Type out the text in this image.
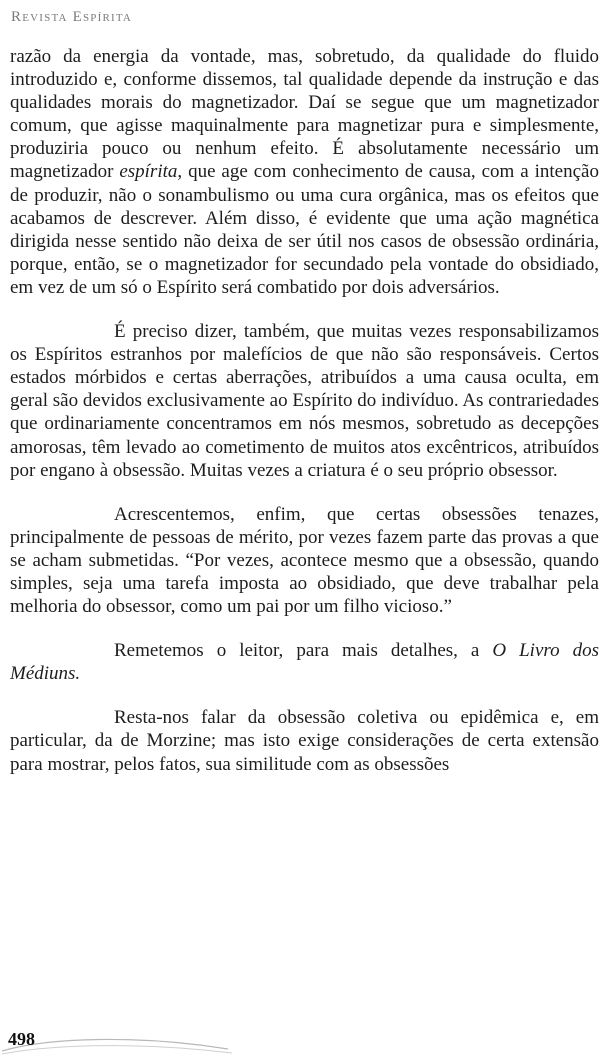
Revista Espírita

razão da energia da vontade, mas, sobretudo, da qualidade do fluido introduzido e, conforme dissemos, tal qualidade depende da instrução e das qualidades morais do magnetizador. Daí se segue que um magnetizador comum, que agisse maquinalmente para magnetizar pura e simplesmente, produziria pouco ou nenhum efeito. É absolutamente necessário um magnetizador espírita, que age com conhecimento de causa, com a intenção de produzir, não o sonambulismo ou uma cura orgânica, mas os efeitos que acabamos de descrever. Além disso, é evidente que uma ação magnética dirigida nesse sentido não deixa de ser útil nos casos de obsessão ordinária, porque, então, se o magnetizador for secundado pela vontade do obsidiado, em vez de um só o Espírito será combatido por dois adversários.

É preciso dizer, também, que muitas vezes responsabilizamos os Espíritos estranhos por malefícios de que não são responsáveis. Certos estados mórbidos e certas aberrações, atribuídos a uma causa oculta, em geral são devidos exclusivamente ao Espírito do indivíduo. As contrariedades que ordinariamente concentramos em nós mesmos, sobretudo as decepções amorosas, têm levado ao cometimento de muitos atos excêntricos, atribuídos por engano à obsessão. Muitas vezes a criatura é o seu próprio obsessor.

Acrescentemos, enfim, que certas obsessões tenazes, principalmente de pessoas de mérito, por vezes fazem parte das provas a que se acham submetidas. “Por vezes, acontece mesmo que a obsessão, quando simples, seja uma tarefa imposta ao obsidiado, que deve trabalhar pela melhoria do obsessor, como um pai por um filho vicioso.”

Remetemos o leitor, para mais detalhes, a O Livro dos Médiuns.

Resta-nos falar da obsessão coletiva ou epidêmica e, em particular, da de Morzine; mas isto exige considerações de certa extensão para mostrar, pelos fatos, sua similitude com as obsessões

498
